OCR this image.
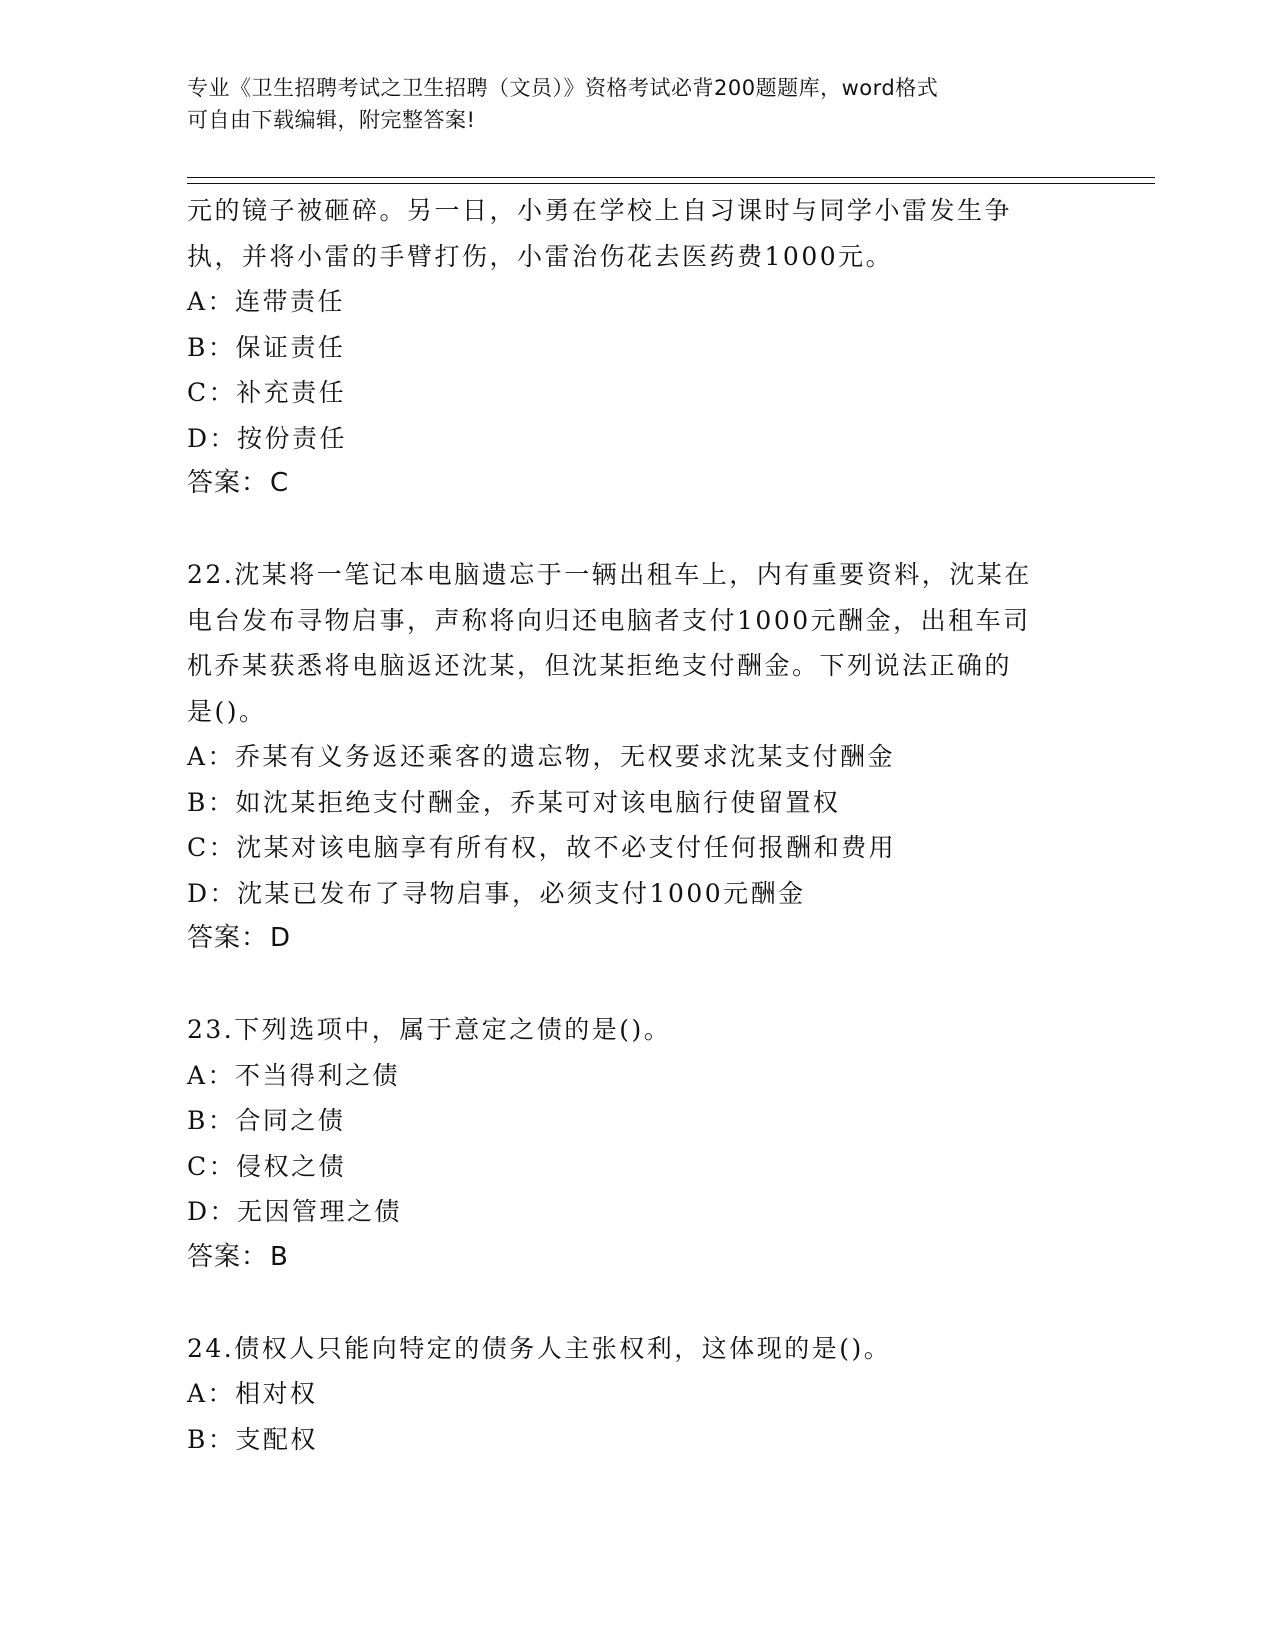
专业《卫生招聘考试之卫生招聘（文员）》资格考试必背200题题库，word格式
可自由下载编辑，附完整答案!
元的镜子被砸碎。另一日，小勇在学校上自习课时与同学小雷发生争
执，并将小雷的手臂打伤，小雷治伤花去医药费1000元。
A：连带责任
B：保证责任
C：补充责任
D：按份责任
答案：C
22.沈某将一笔记本电脑遗忘于一辆出租车上，内有重要资料，沈某在
电台发布寻物启事，声称将向归还电脑者支付1000元酬金，出租车司
机乔某获悉将电脑返还沈某，但沈某拒绝支付酬金。下列说法正确的
是()。
A：乔某有义务返还乘客的遗忘物，无权要求沈某支付酬金
B：如沈某拒绝支付酬金，乔某可对该电脑行使留置权
C：沈某对该电脑享有所有权，故不必支付任何报酬和费用
D：沈某已发布了寻物启事，必须支付1000元酬金
答案：D
23.下列选项中，属于意定之债的是()。
A：不当得利之债
B：合同之债
C：侵权之债
D：无因管理之债
答案：B
24.债权人只能向特定的债务人主张权利，这体现的是()。
A：相对权
B：支配权
